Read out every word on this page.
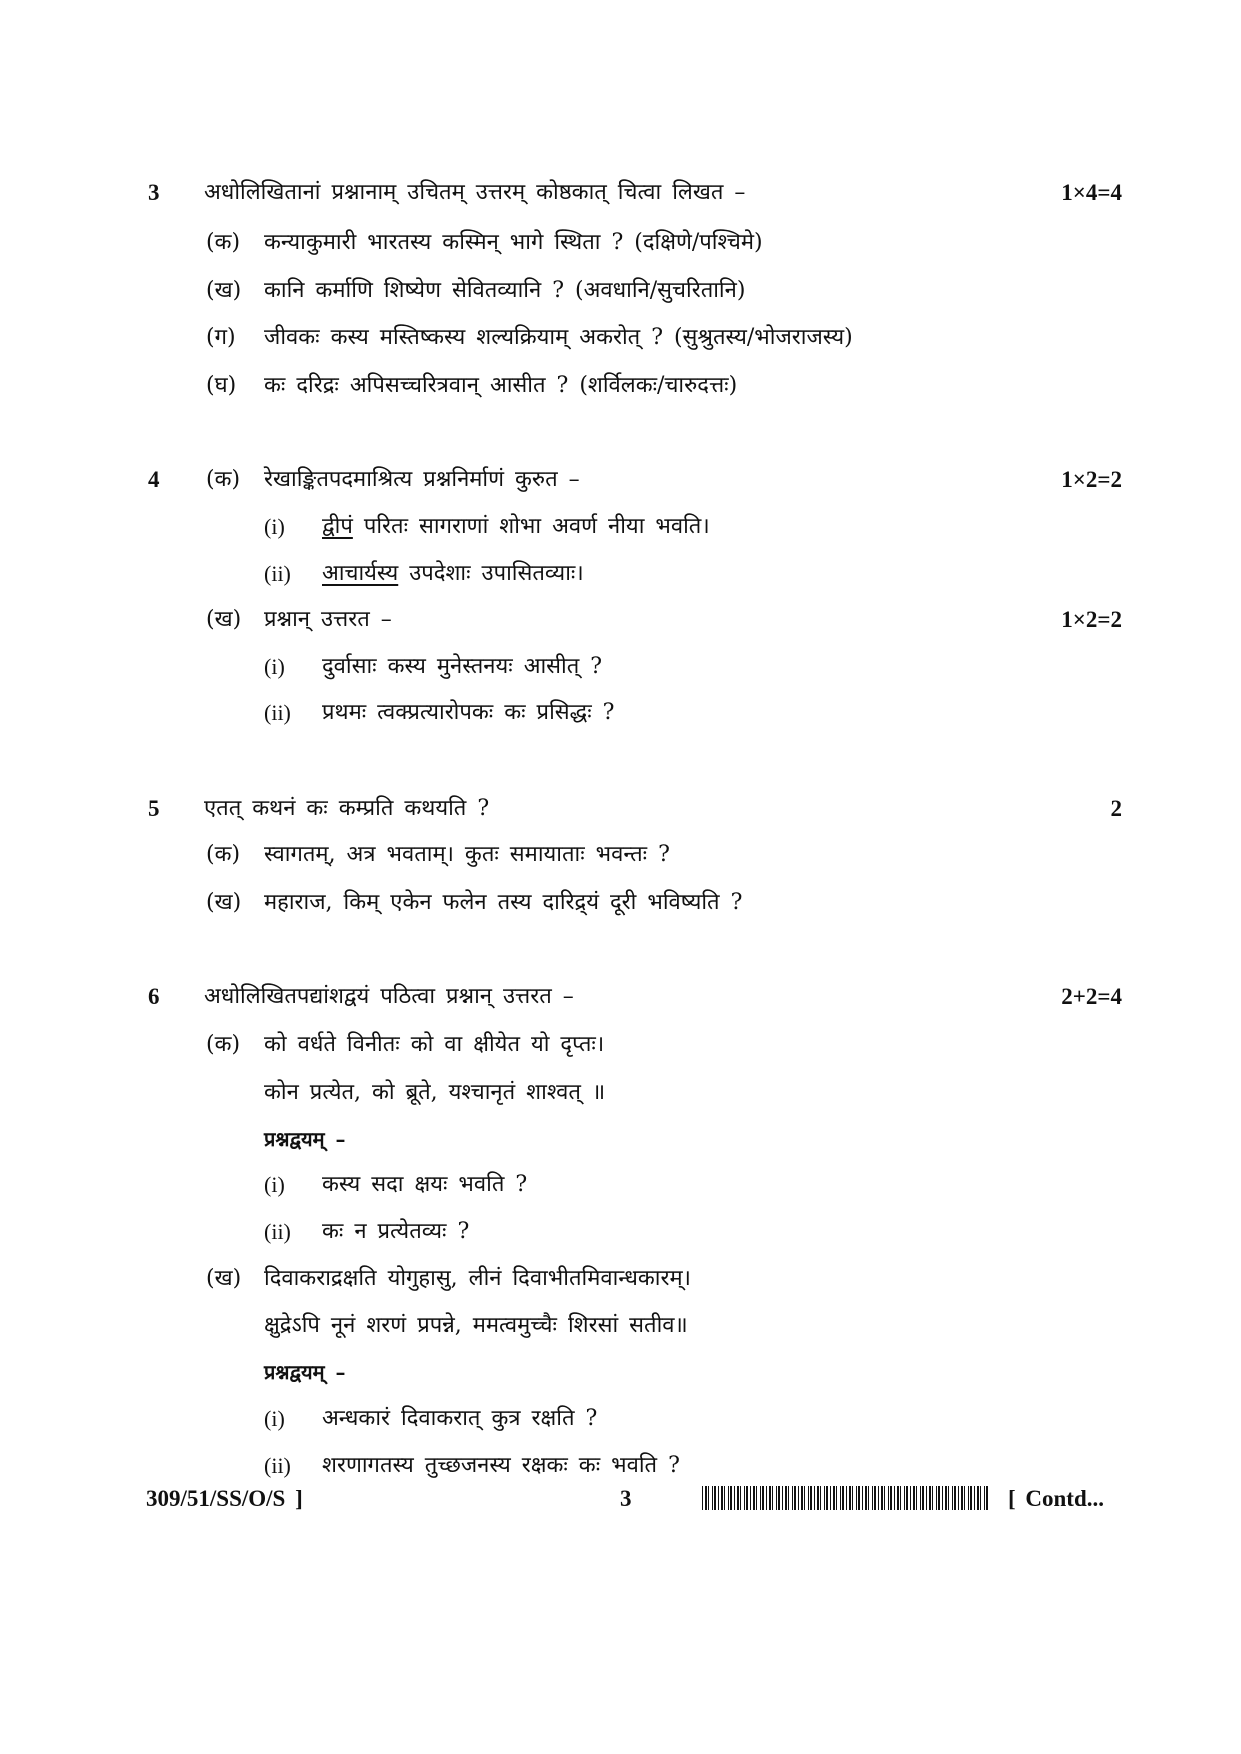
3 अधोलिखितानां प्रश्नानाम् उचितम् उत्तरम् कोष्ठकात् चित्वा लिखत –	1×4=4
(क) कन्याकुमारी भारतस्य कस्मिन् भागे स्थिता ? (दक्षिणे/पश्चिमे)
(ख) कानि कर्माणि शिष्येण सेवितव्यानि ? (अवधानि/सुचरितानि)
(ग) जीवकः कस्य मस्तिष्कस्य शल्यक्रियाम् अकरोत् ? (सुश्रुतस्य/भोजराजस्य)
(घ) कः दरिद्रः अपिसच्चरित्रवान् आसीत ? (शर्विलकः/चारुदत्तः)
4 (क) रेखाङ्कितपदमाश्रित्य प्रश्ननिर्माणं कुरुत –	1×2=2
(i) द्वीपं परितः सागराणां शोभा अवर्ण नीया भवति।
(ii) आचार्यस्य उपदेशाः उपासितव्याः।
(ख) प्रश्नान् उत्तरत –	1×2=2
(i) दुर्वासाः कस्य मुनेस्तनयः आसीत् ?
(ii) प्रथमः त्वक्प्रत्यारोपकः कः प्रसिद्धः ?
5 एतत् कथनं कः कम्प्रति कथयति ?	2
(क) स्वागतम्, अत्र भवताम्। कुतः समायाताः भवन्तः ?
(ख) महाराज, किम् एकेन फलेन तस्य दारिद्र्यं दूरी भविष्यति ?
6 अधोलिखितपद्यांशद्वयं पठित्वा प्रश्नान् उत्तरत –	2+2=4
(क) को वर्धते विनीतः को वा क्षीयेत यो दृप्तः।
कोन प्रत्येत, को ब्रूते, यश्चानृतं शाश्वत् ॥
प्रश्नद्वयम् –
(i) कस्य सदा क्षयः भवति ?
(ii) कः न प्रत्येतव्यः ?
(ख) दिवाकराद्रक्षति योगुहासु, लीनं दिवाभीतमिवान्धकारम्।
क्षुद्रेऽपि नूनं शरणं प्रपन्ने, ममत्वमुच्चैः शिरसां सतीव॥
प्रश्नद्वयम् –
(i) अन्धकारं दिवाकरात् कुत्र रक्षति ?
(ii) शरणागतस्य तुच्छजनस्य रक्षकः कः भवति ?
309/51/SS/O/S ]	3	[ Contd...
